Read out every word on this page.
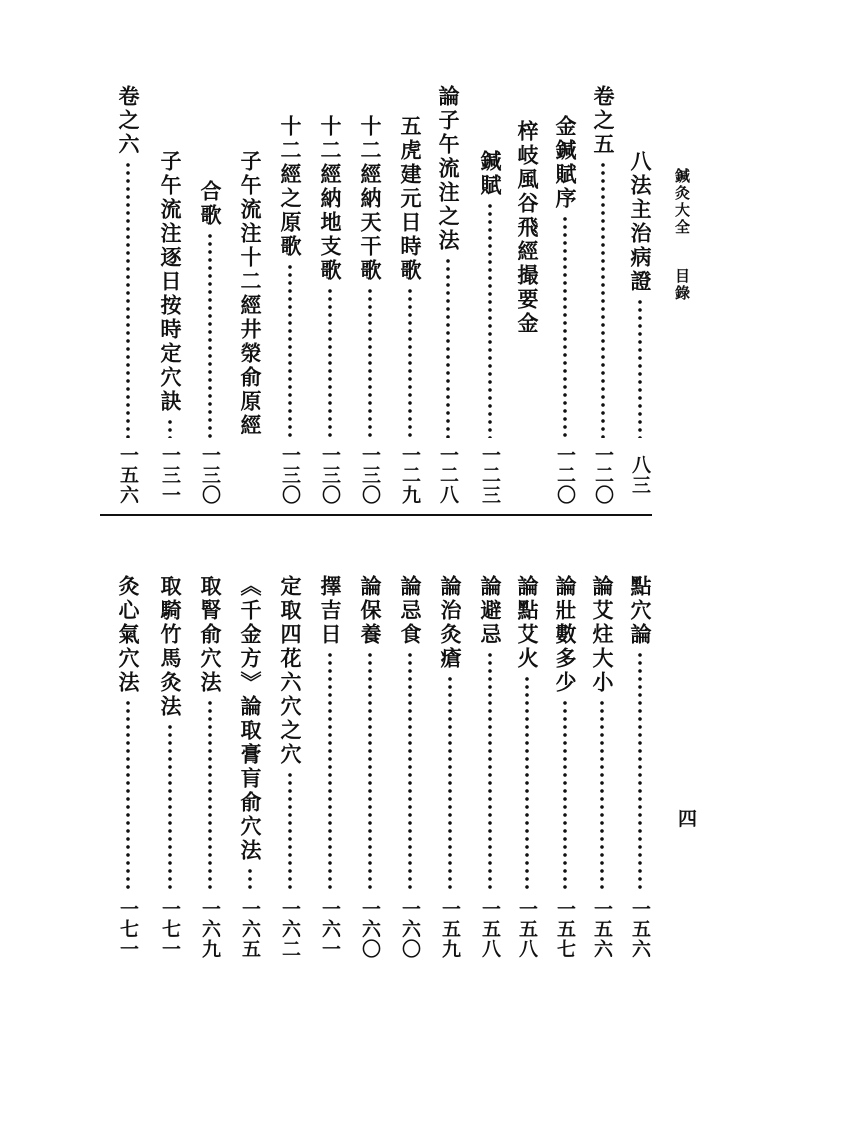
鍼灸大全  目錄
八法主治病證
八三
卷之五
一二〇
金鍼賦序
一二〇
梓岐風谷飛經撮要金
鍼賦
一二三
論子午流注之法
一二八
五虎建元日時歌
一二九
十二經納天干歌
一三〇
十二經納地支歌
一三〇
十二經之原歌
一三〇
子午流注十二經井滎俞原經
合歌
一三〇
子午流注逐日按時定穴訣
一三一
卷之六
一五六
四
點穴論
一五六
論艾炷大小
一五六
論壯數多少
一五七
論點艾火
一五八
論避忌
一五八
論治灸瘡
一五九
論忌食
一六〇
論保養
一六〇
擇吉日
一六一
定取四花六穴之穴
一六二
《千金方》論取膏肓俞穴法
一六五
取腎俞穴法
一六九
取騎竹馬灸法
一七一
灸心氣穴法
一七一
